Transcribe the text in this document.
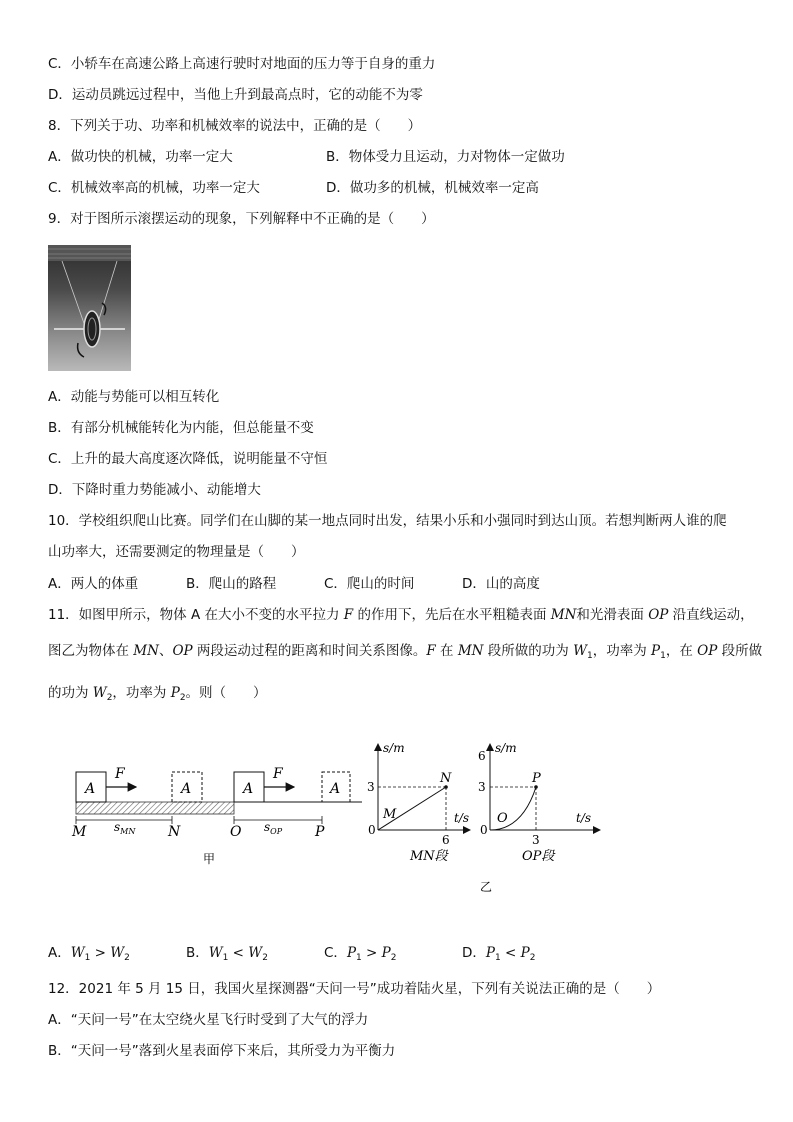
C．小轿车在高速公路上高速行驶时对地面的压力等于自身的重力
D．运动员跳远过程中，当他上升到最高点时，它的动能不为零
8．下列关于功、功率和机械效率的说法中，正确的是（　　）
A．做功快的机械，功率一定大	B．物体受力且运动，力对物体一定做功
C．机械效率高的机械，功率一定大	D．做功多的机械，机械效率一定高
9．对于图所示滚摆运动的现象，下列解释中不正确的是（　　）
A．动能与势能可以相互转化
B．有部分机械能转化为内能，但总能量不变
C．上升的最大高度逐次降低，说明能量不守恒
D．下降时重力势能减小、动能增大
10．学校组织爬山比赛。同学们在山脚的某一地点同时出发，结果小乐和小强同时到达山顶。若想判断两人谁的爬
山功率大，还需要测定的物理量是（　　）
A．两人的体重	B．爬山的路程	C．爬山的时间	D．山的高度
11．如图甲所示，物体 A 在大小不变的水平拉力 F 的作用下，先后在水平粗糙表面 MN和光滑表面 OP 沿直线运动，
图乙为物体在 MN、OP 两段运动过程的距离和时间关系图像。F 在 MN 段所做的功为 $W_1$，功率为 $P_1$，在 OP 段所做
的功为 $W_2$，功率为 $P_2$。则（　　）
A
F
A	A
F
A
M	N	O	P
$s_{MN}$	$s_{OP}$
甲
s/m
t/s
3
6
0
M
N
MN段
s/m
t/s
6
3
3
0
O
P
OP段
乙
A．$W_1 > W_2$	B．$W_1 < W_2$	C．$P_1 > P_2$	D．$P_1 < P_2$
12．2021 年 5 月 15 日，我国火星探测器“天问一号”成功着陆火星，下列有关说法正确的是（　　）
A．“天问一号”在太空绕火星飞行时受到了大气的浮力
B．“天问一号”落到火星表面停下来后，其所受力为平衡力
